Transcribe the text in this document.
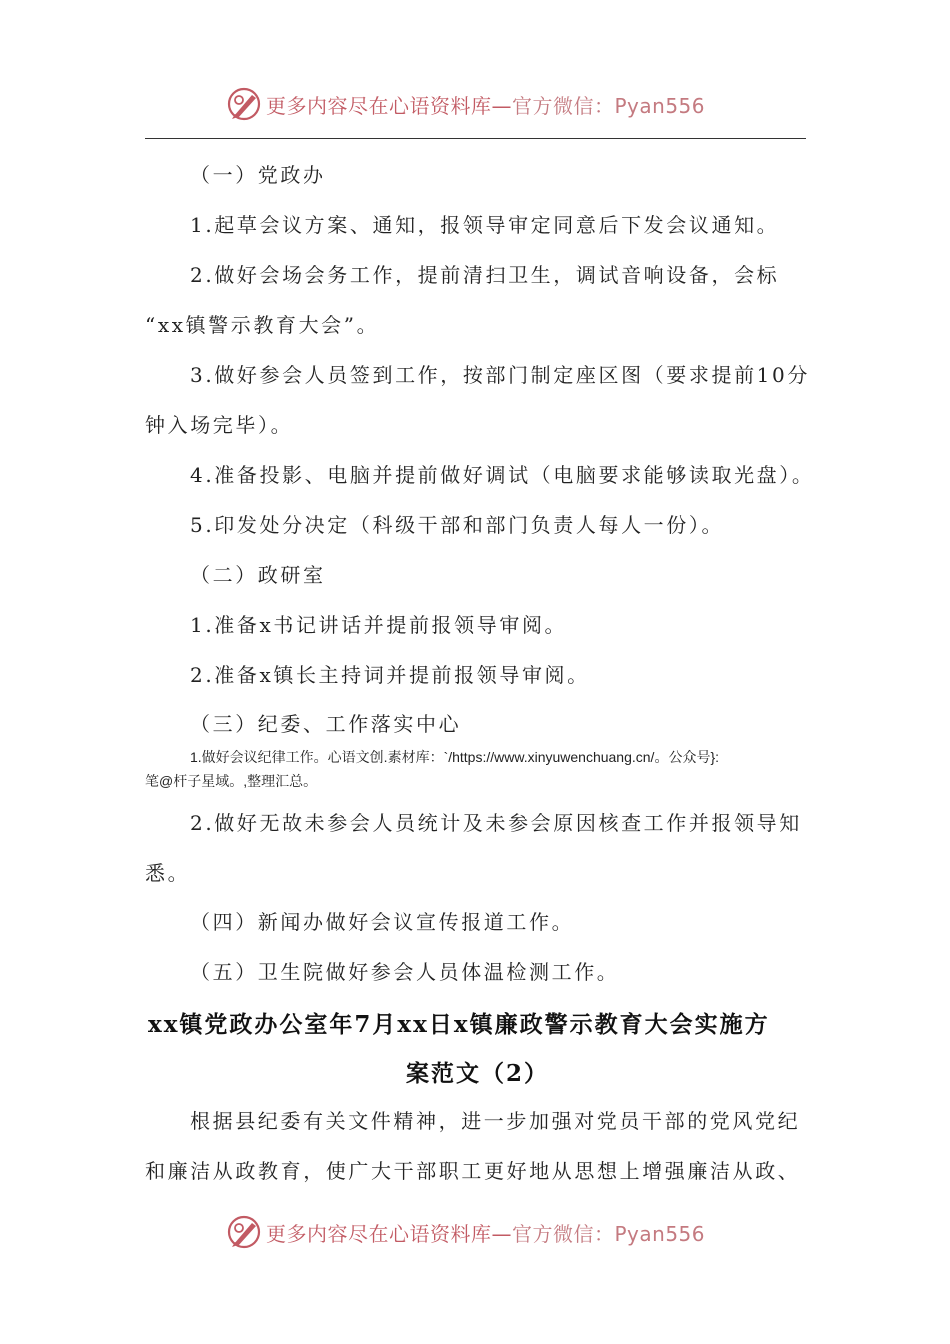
更多内容尽在心语资料库—官方微信：Pyan556
（一）党政办
1.起草会议方案、通知，报领导审定同意后下发会议通知。
2.做好会场会务工作，提前清扫卫生，调试音响设备，会标
“xx镇警示教育大会”。
3.做好参会人员签到工作，按部门制定座区图（要求提前10分
钟入场完毕）。
4.准备投影、电脑并提前做好调试（电脑要求能够读取光盘）。
5.印发处分决定（科级干部和部门负责人每人一份）。
（二）政研室
1.准备x书记讲话并提前报领导审阅。
2.准备x镇长主持词并提前报领导审阅。
（三）纪委、工作落实中心
1.做好会议纪律工作。心语文创.素材库：`/https://www.xinyuwenchuang.cn/。公众号}:
笔@杆子星域。,整理汇总。
2.做好无故未参会人员统计及未参会原因核查工作并报领导知
悉。
（四）新闻办做好会议宣传报道工作。
（五）卫生院做好参会人员体温检测工作。
xx镇党政办公室年7月xx日x镇廉政警示教育大会实施方
案范文（2）
根据县纪委有关文件精神，进一步加强对党员干部的党风党纪
和廉洁从政教育，使广大干部职工更好地从思想上增强廉洁从政、
更多内容尽在心语资料库—官方微信：Pyan556
